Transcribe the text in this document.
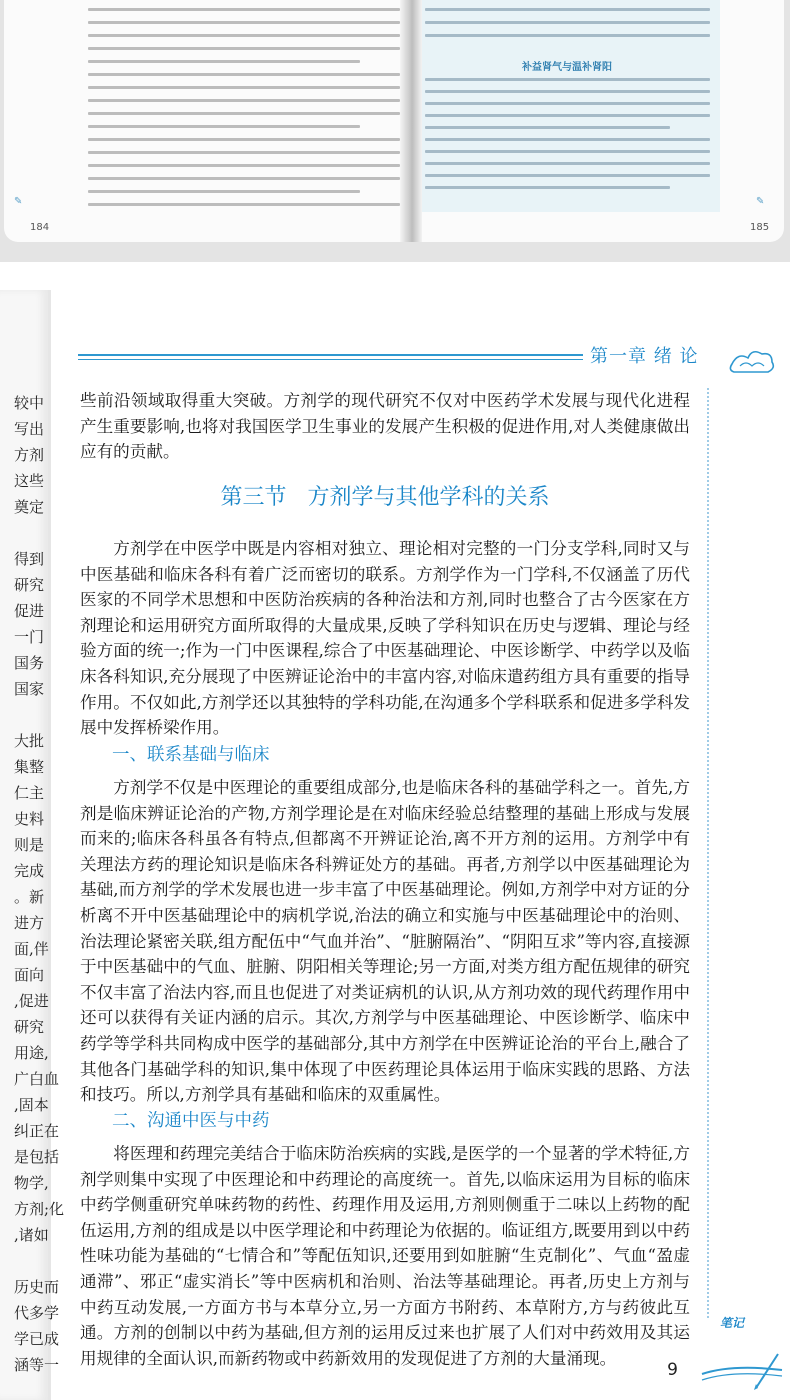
补益肾气与温补肾阳
184	185
✎	✎
较中
写出
方剂
这些
奠定
得到
研究
促进
一门
国务
国家
大批
集整
仁主
史料
则是
完成
。新
进方
面,伴
面向
,促进
研究
用途,
广白血
,固本
纠正在
是包括
物学,
方剂;化
,诸如
历史而
代多学
学已成
涵等一
第一章 绪 论

些前沿领域取得重大突破。方剂学的现代研究不仅对中医药学术发展与现代化进程产生重要影响,也将对我国医学卫生事业的发展产生积极的促进作用,对人类健康做出应有的贡献。

第三节   方剂学与其他学科的关系

方剂学在中医学中既是内容相对独立、理论相对完整的一门分支学科,同时又与中医基础和临床各科有着广泛而密切的联系。方剂学作为一门学科,不仅涵盖了历代医家的不同学术思想和中医防治疾病的各种治法和方剂,同时也整合了古今医家在方剂理论和运用研究方面所取得的大量成果,反映了学科知识在历史与逻辑、理论与经验方面的统一;作为一门中医课程,综合了中医基础理论、中医诊断学、中药学以及临床各科知识,充分展现了中医辨证论治中的丰富内容,对临床遣药组方具有重要的指导作用。不仅如此,方剂学还以其独特的学科功能,在沟通多个学科联系和促进多学科发展中发挥桥梁作用。

一、联系基础与临床

方剂学不仅是中医理论的重要组成部分,也是临床各科的基础学科之一。首先,方剂是临床辨证论治的产物,方剂学理论是在对临床经验总结整理的基础上形成与发展而来的;临床各科虽各有特点,但都离不开辨证论治,离不开方剂的运用。方剂学中有关理法方药的理论知识是临床各科辨证处方的基础。再者,方剂学以中医基础理论为基础,而方剂学的学术发展也进一步丰富了中医基础理论。例如,方剂学中对方证的分析离不开中医基础理论中的病机学说,治法的确立和实施与中医基础理论中的治则、治法理论紧密关联,组方配伍中“气血并治”、“脏腑隔治”、“阴阳互求”等内容,直接源于中医基础中的气血、脏腑、阴阳相关等理论;另一方面,对类方组方配伍规律的研究不仅丰富了治法内容,而且也促进了对类证病机的认识,从方剂功效的现代药理作用中还可以获得有关证内涵的启示。其次,方剂学与中医基础理论、中医诊断学、临床中药学等学科共同构成中医学的基础部分,其中方剂学在中医辨证论治的平台上,融合了其他各门基础学科的知识,集中体现了中医药理论具体运用于临床实践的思路、方法和技巧。所以,方剂学具有基础和临床的双重属性。

二、沟通中医与中药

将医理和药理完美结合于临床防治疾病的实践,是医学的一个显著的学术特征,方剂学则集中实现了中医理论和中药理论的高度统一。首先,以临床运用为目标的临床中药学侧重研究单味药物的药性、药理作用及运用,方剂则侧重于二味以上药物的配伍运用,方剂的组成是以中医学理论和中药理论为依据的。临证组方,既要用到以中药性味功能为基础的“七情合和”等配伍知识,还要用到如脏腑“生克制化”、气血“盈虚通滞”、邪正“虚实消长”等中医病机和治则、治法等基础理论。再者,历史上方剂与中药互动发展,一方面方书与本草分立,另一方面方书附药、本草附方,方与药彼此互通。方剂的创制以中药为基础,但方剂的运用反过来也扩展了人们对中药效用及其运用规律的全面认识,而新药物或中药新效用的发现促进了方剂的大量涌现。

9
笔记
